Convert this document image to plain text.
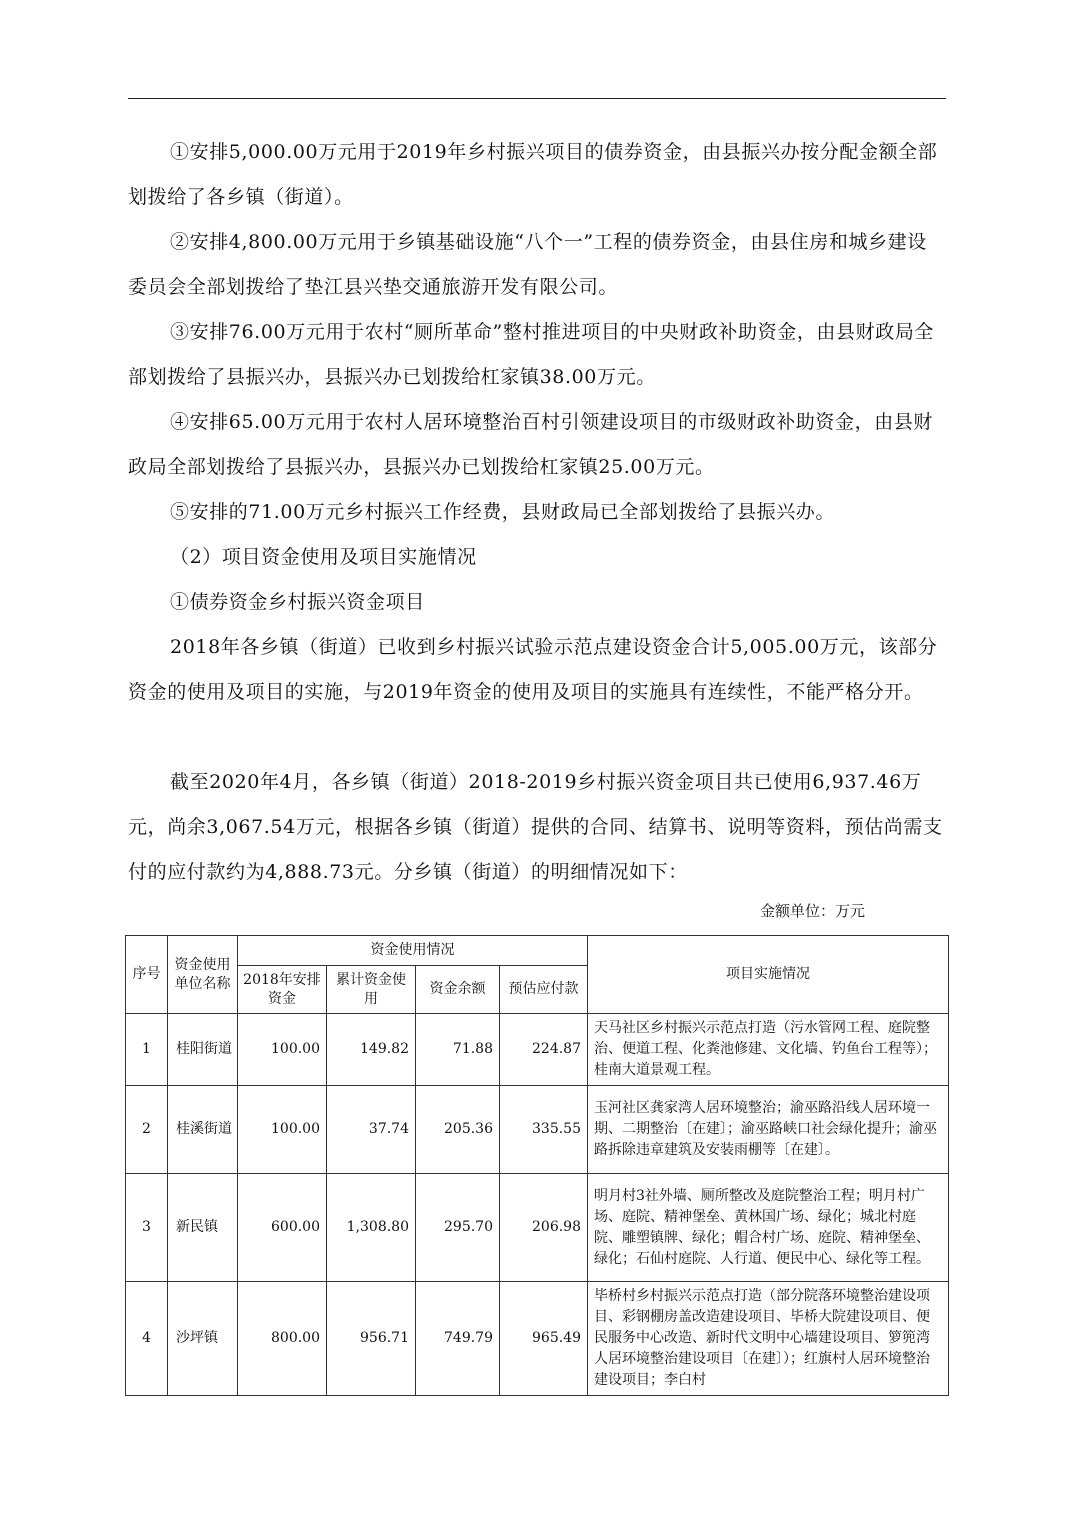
①安排5,000.00万元用于2019年乡村振兴项目的债券资金，由县振兴办按分配金额全部划拨给了各乡镇（街道）。

②安排4,800.00万元用于乡镇基础设施“八个一”工程的债券资金，由县住房和城乡建设委员会全部划拨给了垫江县兴垫交通旅游开发有限公司。

③安排76.00万元用于农村“厕所革命”整村推进项目的中央财政补助资金，由县财政局全部划拨给了县振兴办，县振兴办已划拨给杠家镇38.00万元。

④安排65.00万元用于农村人居环境整治百村引领建设项目的市级财政补助资金，由县财政局全部划拨给了县振兴办，县振兴办已划拨给杠家镇25.00万元。

⑤安排的71.00万元乡村振兴工作经费，县财政局已全部划拨给了县振兴办。

（2）项目资金使用及项目实施情况

①债券资金乡村振兴资金项目

2018年各乡镇（街道）已收到乡村振兴试验示范点建设资金合计5,005.00万元，该部分资金的使用及项目的实施，与2019年资金的使用及项目的实施具有连续性，不能严格分开。

截至2020年4月，各乡镇（街道）2018-2019乡村振兴资金项目共已使用6,937.46万元，尚余3,067.54万元，根据各乡镇（街道）提供的合同、结算书、说明等资料，预估尚需支付的应付款约为4,888.73元。分乡镇（街道）的明细情况如下：

金额单位：万元
序号	资金使用单位名称	资金使用情况				项目实施情况
		2018年安排资金	累计资金使用	资金余额	预估应付款	
1	桂阳街道	100.00	149.82	71.88	224.87	天马社区乡村振兴示范点打造（污水管网工程、庭院整治、便道工程、化粪池修建、文化墙、钓鱼台工程等）；桂南大道景观工程。
2	桂溪街道	100.00	37.74	205.36	335.55	玉河社区龚家湾人居环境整治；渝巫路沿线人居环境一期、二期整治〔在建〕；渝巫路峡口社会绿化提升；渝巫路拆除违章建筑及安装雨棚等〔在建〕。
3	新民镇	600.00	1,308.80	295.70	206.98	明月村3社外墙、厕所整改及庭院整治工程；明月村广场、庭院、精神堡垒、黄林国广场、绿化；城北村庭院、雕塑镇牌、绿化；帽合村广场、庭院、精神堡垒、绿化；石仙村庭院、人行道、便民中心、绿化等工程。
4	沙坪镇	800.00	956.71	749.79	965.49	毕桥村乡村振兴示范点打造（部分院落环境整治建设项目、彩钢棚房盖改造建设项目、毕桥大院建设项目、便民服务中心改造、新时代文明中心墙建设项目、箩篼湾人居环境整治建设项目〔在建〕）；红旗村人居环境整治建设项目；李白村
